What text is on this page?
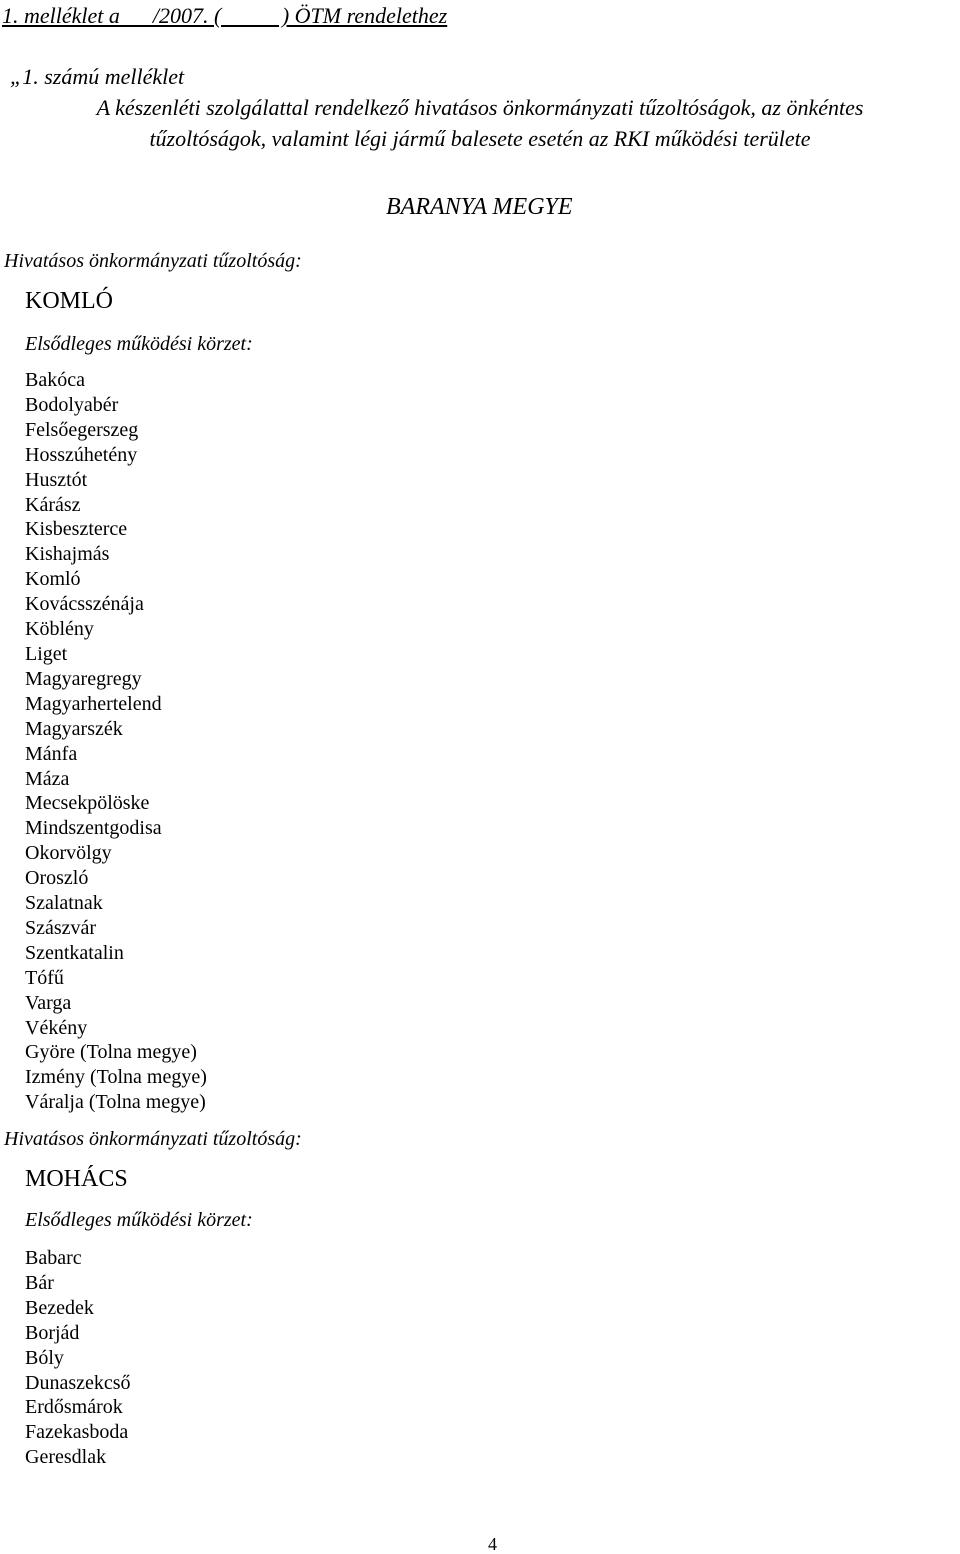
1. melléklet a      /2007. (           ) ÖTM rendelethez
„1. számú melléklet
A készenléti szolgálattal rendelkező hivatásos önkormányzati tűzoltóságok, az önkéntes
tűzoltóságok, valamint légi jármű balesete esetén az RKI működési területe
BARANYA MEGYE
Hivatásos önkormányzati tűzoltóság:
KOMLÓ
Elsődleges működési körzet:
Bakóca
Bodolyabér
Felsőegerszeg
Hosszúhetény
Husztót
Kárász
Kisbeszterce
Kishajmás
Komló
Kovácsszénája
Köblény
Liget
Magyaregregy
Magyarhertelend
Magyarszék
Mánfa
Máza
Mecsekpölöske
Mindszentgodisa
Okorvölgy
Oroszló
Szalatnak
Szászvár
Szentkatalin
Tófű
Varga
Vékény
Györe (Tolna megye)
Izmény (Tolna megye)
Váralja (Tolna megye)
Hivatásos önkormányzati tűzoltóság:
MOHÁCS
Elsődleges működési körzet:
Babarc
Bár
Bezedek
Borjád
Bóly
Dunaszekcső
Erdősmárok
Fazekasboda
Geresdlak
4
